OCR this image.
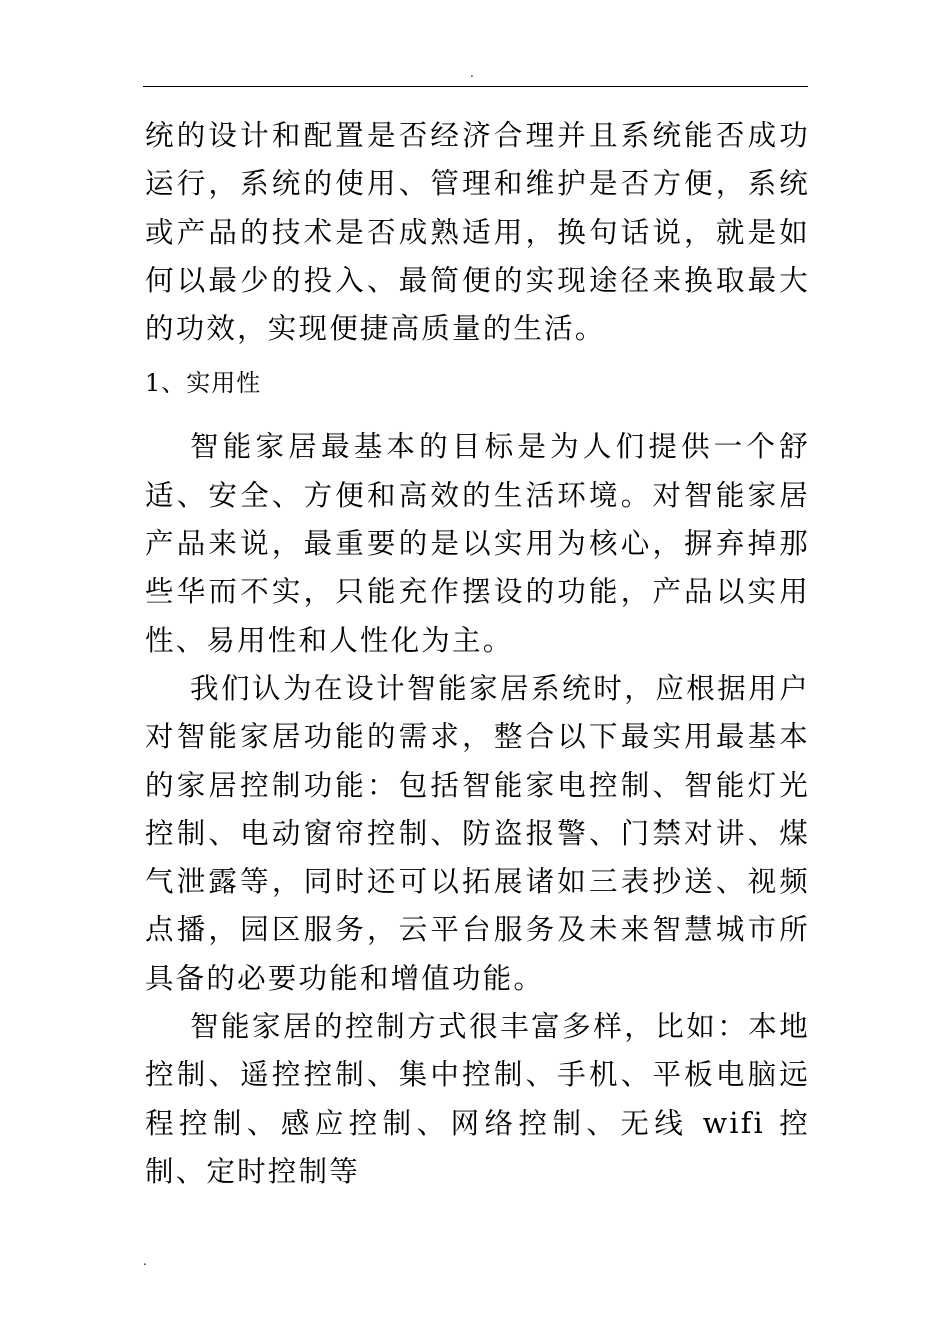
.

统的设计和配置是否经济合理并且系统能否成功运行，系统的使用、管理和维护是否方便，系统或产品的技术是否成熟适用，换句话说，就是如何以最少的投入、最简便的实现途径来换取最大的功效，实现便捷高质量的生活。

1、实用性

智能家居最基本的目标是为人们提供一个舒适、安全、方便和高效的生活环境。对智能家居产品来说，最重要的是以实用为核心，摒弃掉那些华而不实，只能充作摆设的功能，产品以实用性、易用性和人性化为主。

我们认为在设计智能家居系统时，应根据用户对智能家居功能的需求，整合以下最实用最基本的家居控制功能：包括智能家电控制、智能灯光控制、电动窗帘控制、防盗报警、门禁对讲、煤气泄露等，同时还可以拓展诸如三表抄送、视频点播，园区服务，云平台服务及未来智慧城市所具备的必要功能和增值功能。

智能家居的控制方式很丰富多样，比如：本地控制、遥控控制、集中控制、手机、平板电脑远程控制、感应控制、网络控制、无线 wifi 控制、定时控制等

.
